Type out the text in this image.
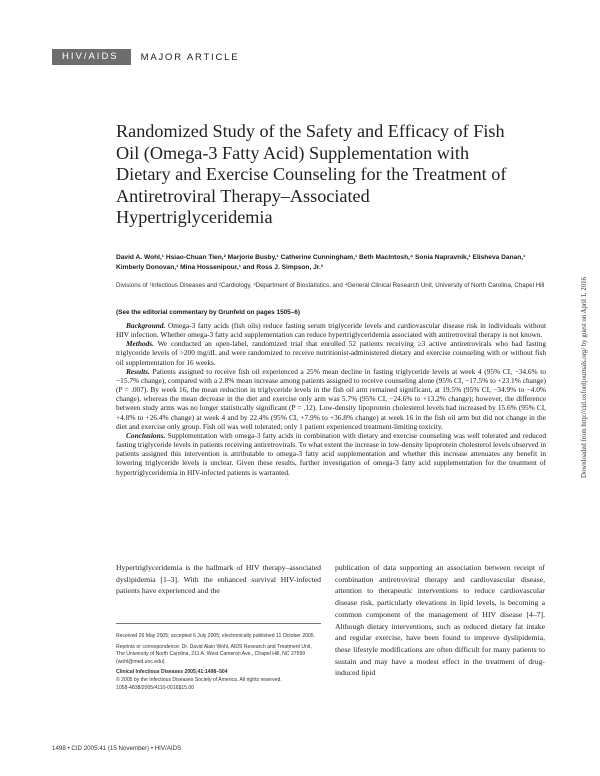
HIV/AIDS	MAJOR ARTICLE
Randomized Study of the Safety and Efficacy of Fish Oil (Omega-3 Fatty Acid) Supplementation with Dietary and Exercise Counseling for the Treatment of Antiretroviral Therapy–Associated Hypertriglyceridemia
David A. Wohl,¹ Hsiao-Chuan Tien,² Marjorie Busby,¹ Catherine Cunningham,¹ Beth MacIntosh,⁴ Sonia Napravnik,¹ Elisheva Danan,¹ Kimberly Donovan,¹ Mina Hossenipour,¹ and Ross J. Simpson, Jr.³
Divisions of ¹Infectious Diseases and ²Cardiology, ³Department of Biostatistics, and ⁴General Clinical Research Unit, University of North Carolina, Chapel Hill
(See the editorial commentary by Grunfeld on pages 1505–6)

Background. Omega-3 fatty acids (fish oils) reduce fasting serum triglyceride levels and cardiovascular disease risk in individuals without HIV infection. Whether omega-3 fatty acid supplementation can reduce hypertriglyceridemia associated with antiretroviral therapy is not known.

Methods. We conducted an open-label, randomized trial that enrolled 52 patients receiving ≥3 active antiretrovirals who had fasting triglyceride levels of >200 mg/dL and were randomized to receive nutritionist-administered dietary and exercise counseling with or without fish oil supplementation for 16 weeks.

Results. Patients assigned to receive fish oil experienced a 25% mean decline in fasting triglyceride levels at week 4 (95% CI, −34.6% to −15.7% change), compared with a 2.8% mean increase among patients assigned to receive counseling alone (95% CI, −17.5% to +23.1% change) (P = .007). By week 16, the mean reduction in triglyceride levels in the fish oil arm remained significant, at 19.5% (95% CI, −34.9% to −4.0% change), whereas the mean decrease in the diet and exercise only arm was 5.7% (95% CI, −24.6% to +13.2% change); however, the difference between study arms was no longer statistically significant (P = .12). Low-density lipoprotein cholesterol levels had increased by 15.6% (95% CI, +4.8% to +26.4% change) at week 4 and by 22.4% (95% CI, +7.9% to +36.8% change) at week 16 in the fish oil arm but did not change in the diet and exercise only group. Fish oil was well tolerated; only 1 patient experienced treatment-limiting toxicity.

Conclusions. Supplementation with omega-3 fatty acids in combination with dietary and exercise counseling was well tolerated and reduced fasting triglyceride levels in patients receiving antiretrovirals. To what extent the increase in low-density lipoprotein cholesterol levels observed in patients assigned this intervention is attributable to omega-3 fatty acid supplementation and whether this increase attenuates any benefit in lowering triglyceride levels is unclear. Given these results, further investigation of omega-3 fatty acid supplementation for the treatment of hypertriglyceridemia in HIV-infected patients is warranted.

Hypertriglyceridemia is the hallmark of HIV therapy–associated dyslipidemia [1–3]. With the enhanced survival HIV-infected patients have experienced and the
publication of data supporting an association between receipt of combination antiretroviral therapy and cardiovascular disease, attention to therapeutic interventions to reduce cardiovascular disease risk, particularly elevations in lipid levels, is becoming a common component of the management of HIV disease [4–7]. Although dietary interventions, such as reduced dietary fat intake and regular exercise, have been found to improve dyslipidemia, these lifestyle modifications are often difficult for many patients to sustain and may have a modest effect in the treatment of drug-induced lipid

Received 26 May 2005; accepted 6 July 2005; electronically published 11 October 2005.

Reprints or correspondence: Dr. David Alain Wohl, AIDS Research and Treatment Unit, The University of North Carolina, 211 A. West Cameron Ave., Chapel Hill, NC 27599 (wohl@med.unc.edu).

Clinical Infectious Diseases 2005;41:1498–504

© 2005 by the Infectious Diseases Society of America. All rights reserved.

1058-4838/2005/4110-0016$15.00

1498 • CID 2005:41 (15 November) • HIV/AIDS
Downloaded from http://cid.oxfordjournals.org/ by guest on April 1, 2016
